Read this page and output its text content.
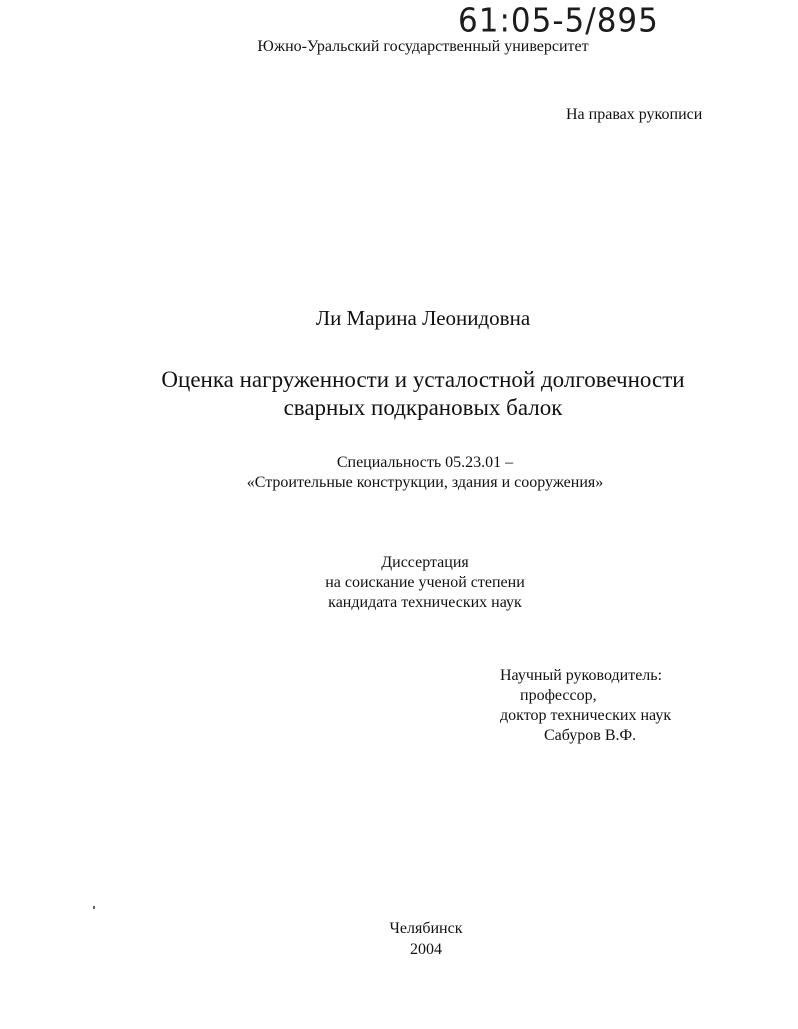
61:05-5/895
Южно-Уральский государственный университет
На правах рукописи
Ли Марина Леонидовна
Оценка нагруженности и усталостной долговечности
сварных подкрановых балок
Специальность 05.23.01 –
«Строительные конструкции, здания и сооружения»
Диссертация
на соискание ученой степени
кандидата технических наук
Научный руководитель:
профессор,
доктор технических наук
Сабуров В.Ф.
Челябинск
2004
